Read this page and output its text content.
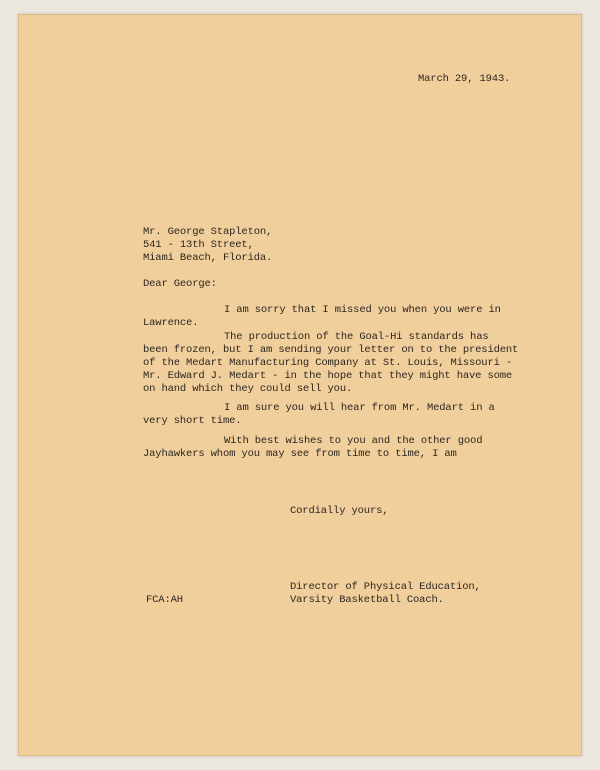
March 29, 1943.
Mr. George Stapleton,
541 - 13th Street,
Miami Beach, Florida.
Dear George:
I am sorry that I missed you when you were in
Lawrence.
The production of the Goal-Hi standards has
been frozen, but I am sending your letter on to the president
of the Medart Manufacturing Company at St. Louis, Missouri -
Mr. Edward J. Medart - in the hope that they might have some
on hand which they could sell you.
I am sure you will hear from Mr. Medart in a
very short time.
With best wishes to you and the other good
Jayhawkers whom you may see from time to time, I am
Cordially yours,
FCA:AH
Director of Physical Education,
Varsity Basketball Coach.
